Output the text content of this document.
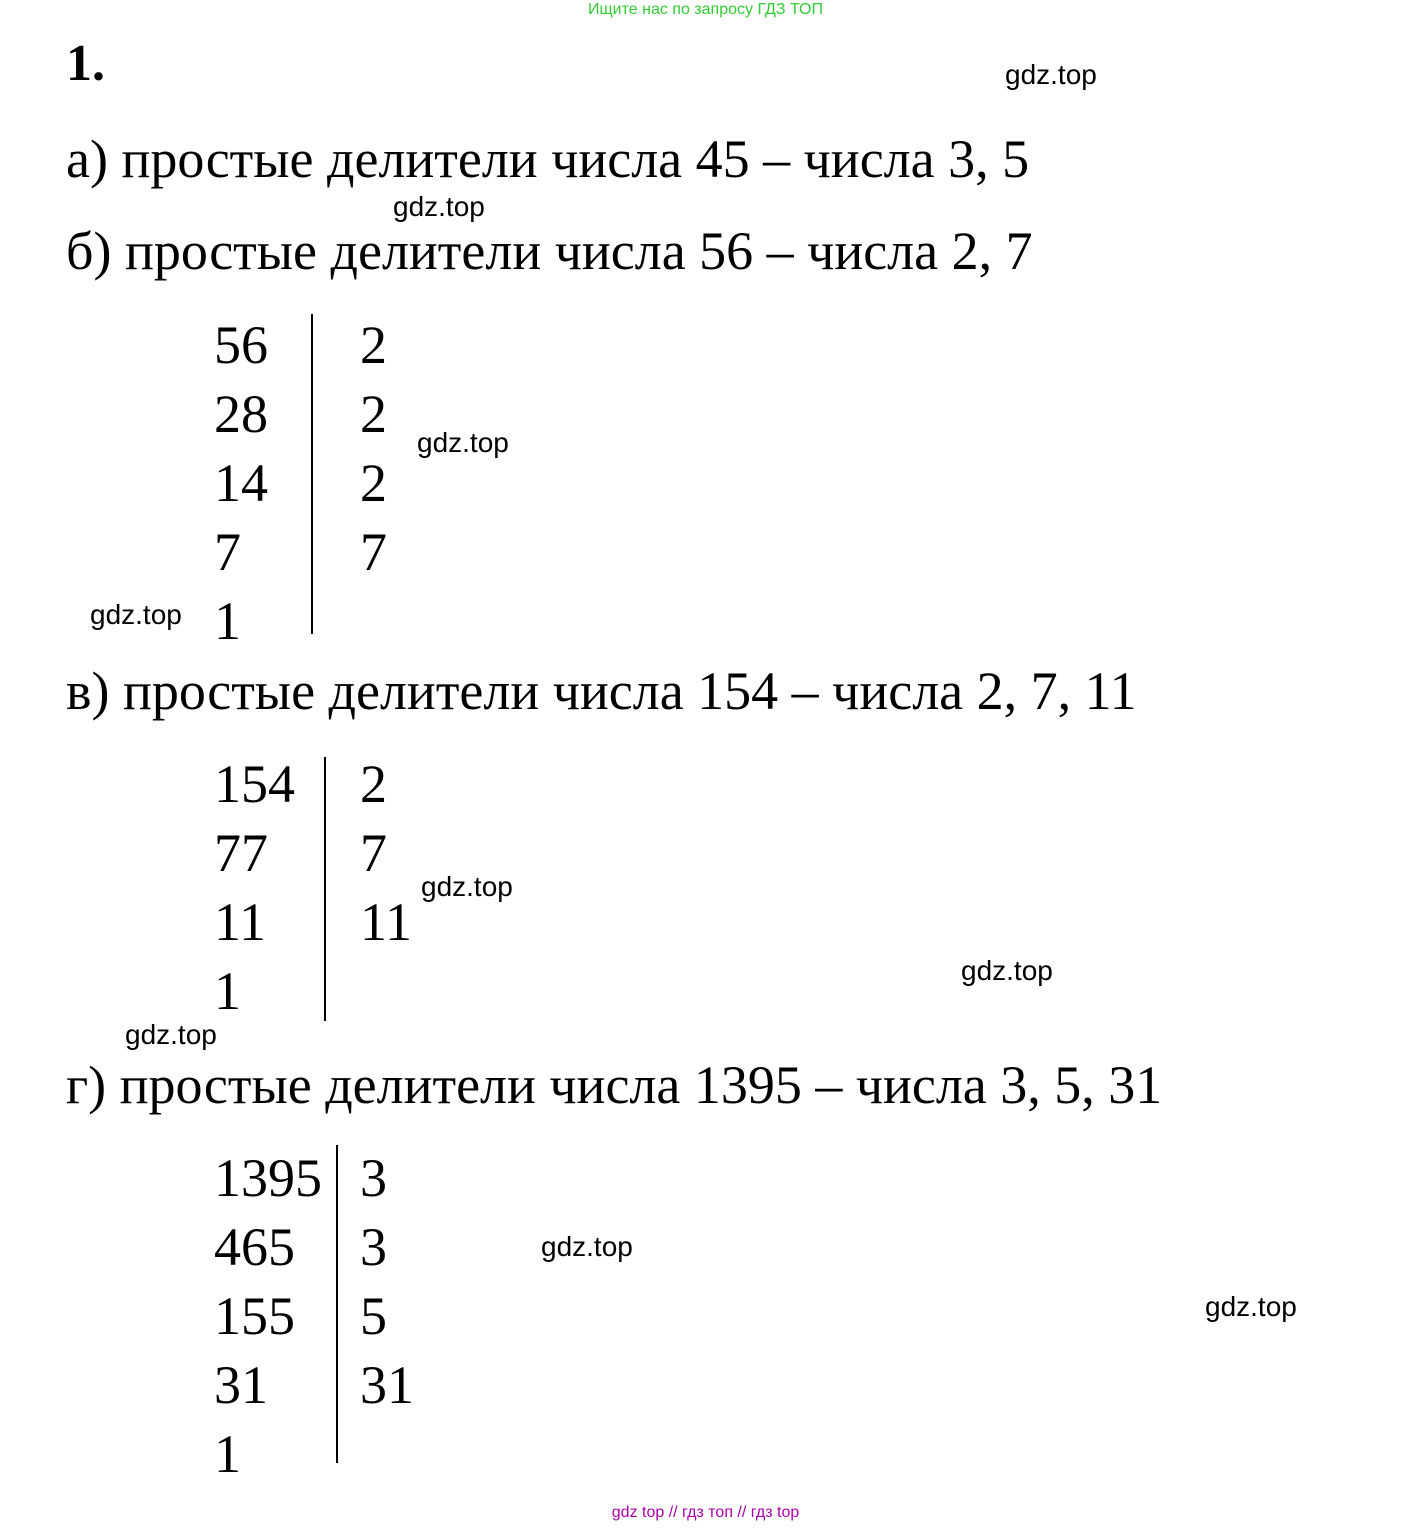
Ищите нас по запросу ГДЗ ТОП
1.	gdz.top
gdz.top
gdz.top
gdz.top
gdz.top
gdz.top
gdz.top
gdz.top
gdz.top
а) простые делители числа 45 – числа 3, 5
б) простые делители числа 56 – числа 2, 7
56
28
14
7
1
2
2
2
7
в) простые делители числа 154 – числа 2, 7, 11
154
77
11
1
2
7
11
г) простые делители числа 1395 – числа 3, 5, 31
1395
465
155
31
1
3
3
5
31
gdz top // гдз топ // гдз top
